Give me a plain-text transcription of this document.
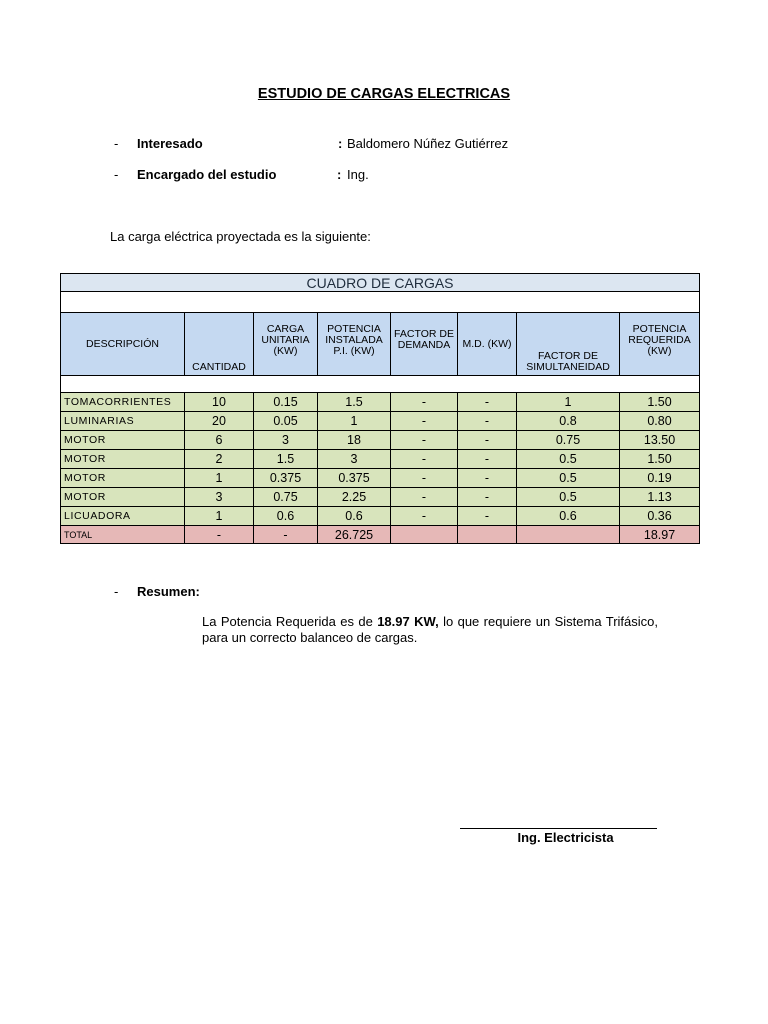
ESTUDIO DE CARGAS ELECTRICAS
- Interesado	: Baldomero Núñez Gutiérrez
- Encargado del estudio	: Ing.
La carga eléctrica proyectada es la siguiente:
CUADRO DE CARGAS							

DESCRIPCIÓN	CANTIDAD	CARGA UNITARIA (KW)	POTENCIA INSTALADA P.I. (KW)	FACTOR DE DEMANDA	M.D. (KW)	FACTOR DE SIMULTANEIDAD	POTENCIA REQUERIDA (KW)

TOMACORRIENTES	10	0.15	1.5	-	-	1	1.50
LUMINARIAS	20	0.05	1	-	-	0.8	0.80
MOTOR	6	3	18	-	-	0.75	13.50
MOTOR	2	1.5	3	-	-	0.5	1.50
MOTOR	1	0.375	0.375	-	-	0.5	0.19
MOTOR	3	0.75	2.25	-	-	0.5	1.13
LICUADORA	1	0.6	0.6	-	-	0.6	0.36
TOTAL	-	-	26.725				18.97
- Resumen:
La Potencia Requerida es de 18.97 KW, lo que requiere un Sistema Trifásico, para un correcto balanceo de cargas.
Ing. Electricista
